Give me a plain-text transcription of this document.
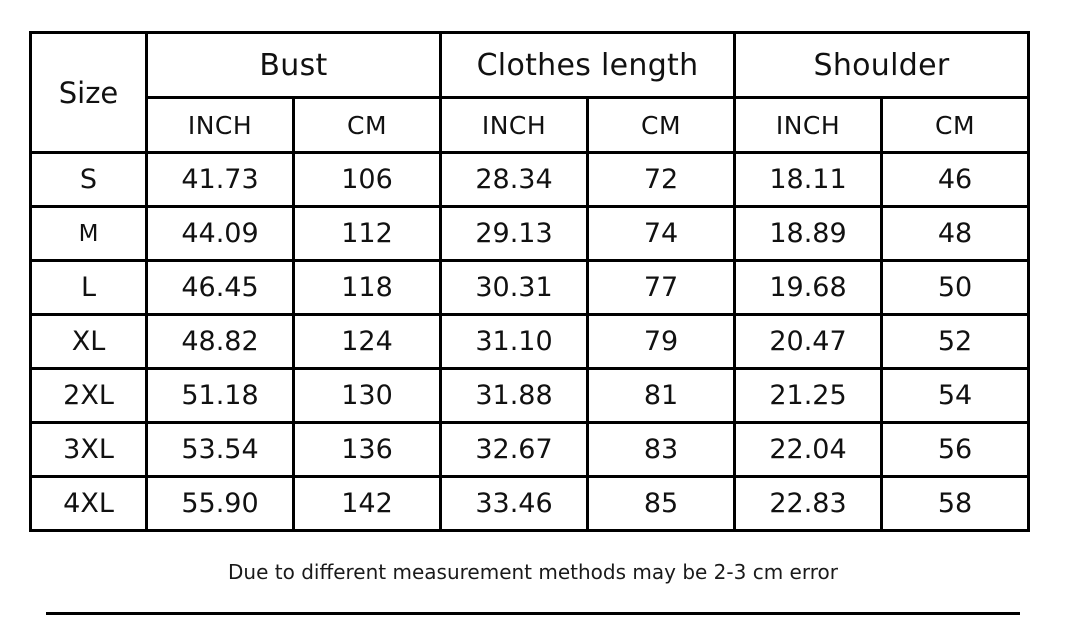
Size	Bust		Clothes length		Shoulder	
	INCH	CM	INCH	CM	INCH	CM
S	41.73	106	28.34	72	18.11	46
M	44.09	112	29.13	74	18.89	48
L	46.45	118	30.31	77	19.68	50
XL	48.82	124	31.10	79	20.47	52
2XL	51.18	130	31.88	81	21.25	54
3XL	53.54	136	32.67	83	22.04	56
4XL	55.90	142	33.46	85	22.83	58
Due to different measurement methods may be 2-3 cm error
